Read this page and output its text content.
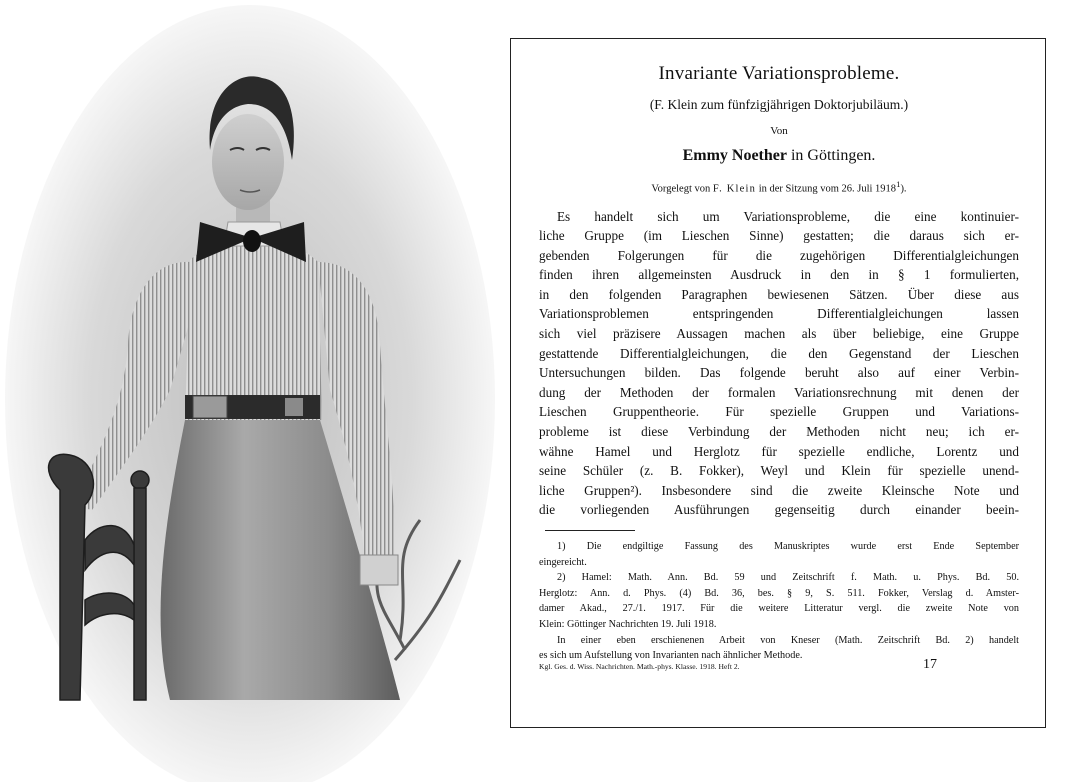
Invariante Variationsprobleme.
(F. Klein zum fünfzigjährigen Doktorjubiläum.)
Von
Emmy Noether in Göttingen.
Vorgelegt von F. Klein in der Sitzung vom 26. Juli 1918$^1$).
Es handelt sich um Variationsprobleme, die eine kontinuier-
liche Gruppe (im Lieschen Sinne) gestatten; die daraus sich er-
gebenden Folgerungen für die zugehörigen Differentialgleichungen
finden ihren allgemeinsten Ausdruck in den in § 1 formulierten,
in den folgenden Paragraphen bewiesenen Sätzen. Über diese aus
Variationsproblemen entspringenden Differentialgleichungen lassen
sich viel präzisere Aussagen machen als über beliebige, eine Gruppe
gestattende Differentialgleichungen, die den Gegenstand der Lieschen
Untersuchungen bilden. Das folgende beruht also auf einer Verbin-
dung der Methoden der formalen Variationsrechnung mit denen der
Lieschen Gruppentheorie. Für spezielle Gruppen und Variations-
probleme ist diese Verbindung der Methoden nicht neu; ich er-
wähne Hamel und Herglotz für spezielle endliche, Lorentz und
seine Schüler (z. B. Fokker), Weyl und Klein für spezielle unend-
liche Gruppen²). Insbesondere sind die zweite Kleinsche Note und
die vorliegenden Ausführungen gegenseitig durch einander beein-
1) Die endgiltige Fassung des Manuskriptes wurde erst Ende September
eingereicht.
2) Hamel: Math. Ann. Bd. 59 und Zeitschrift f. Math. u. Phys. Bd. 50.
Herglotz: Ann. d. Phys. (4) Bd. 36, bes. § 9, S. 511. Fokker, Verslag d. Amster-
damer Akad., 27./1. 1917. Für die weitere Litteratur vergl. die zweite Note von
Klein: Göttinger Nachrichten 19. Juli 1918.
In einer eben erschienenen Arbeit von Kneser (Math. Zeitschrift Bd. 2) handelt
es sich um Aufstellung von Invarianten nach ähnlicher Methode.
Kgl. Ges. d. Wiss. Nachrichten. Math.-phys. Klasse. 1918. Heft 2.	17
